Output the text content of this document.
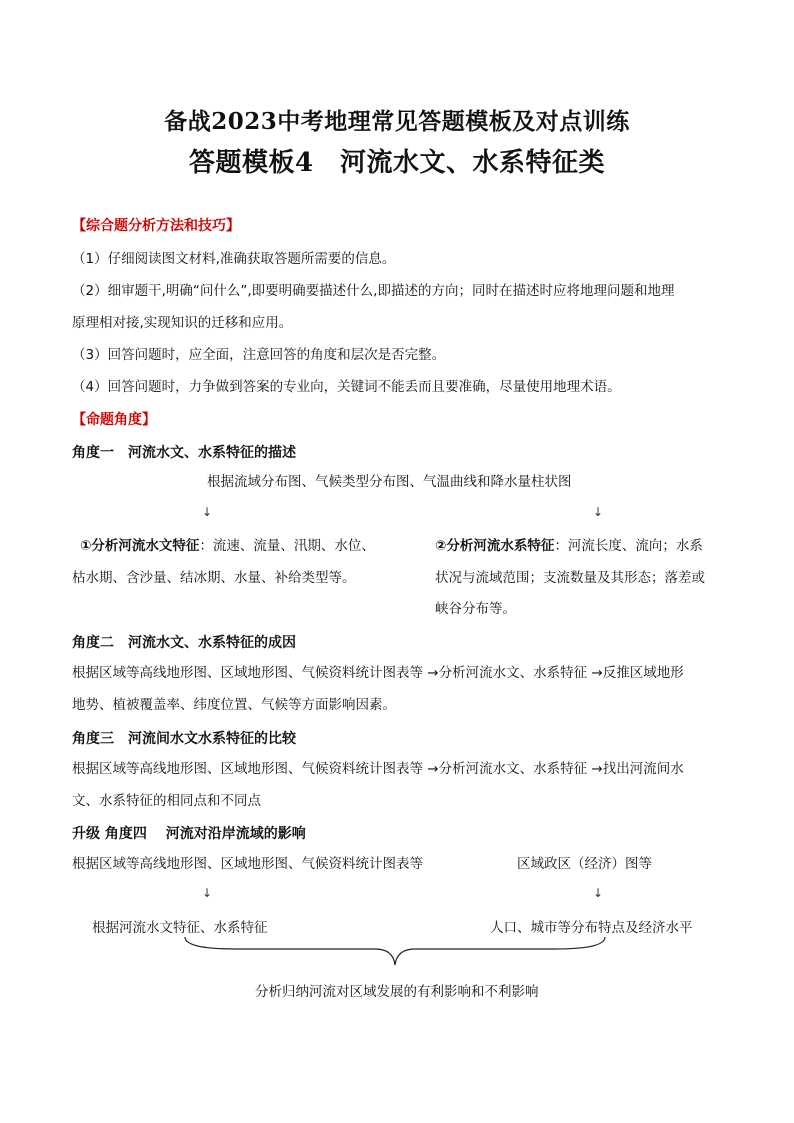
备战2023中考地理常见答题模板及对点训练
答题模板4　河流水文、水系特征类
【综合题分析方法和技巧】
（1）仔细阅读图文材料,准确获取答题所需要的信息。
（2）细审题干,明确“问什么”,即要明确要描述什么,即描述的方向；同时在描述时应将地理问题和地理
原理相对接,实现知识的迁移和应用。
（3）回答问题时，应全面，注意回答的角度和层次是否完整。
（4）回答问题时，力争做到答案的专业向，关键词不能丢而且要准确，尽量使用地理术语。
【命题角度】
角度一　河流水文、水系特征的描述
根据流域分布图、气候类型分布图、气温曲线和降水量柱状图
↓	↓
①分析河流水文特征：流速、流量、汛期、水位、
枯水期、含沙量、结冰期、水量、补给类型等。
②分析河流水系特征：河流长度、流向；水系
状况与流域范围；支流数量及其形态；落差或
峡谷分布等。
角度二　河流水文、水系特征的成因
根据区域等高线地形图、区域地形图、气候资料统计图表等 →分析河流水文、水系特征 →反推区域地形
地势、植被覆盖率、纬度位置、气候等方面影响因素。
角度三　河流间水文水系特征的比较
根据区域等高线地形图、区域地形图、气候资料统计图表等 →分析河流水文、水系特征 →找出河流间水
文、水系特征的相同点和不同点
升级 角度四　 河流对沿岸流域的影响
根据区域等高线地形图、区域地形图、气候资料统计图表等	区域政区（经济）图等
↓	↓
根据河流水文特征、水系特征	人口、城市等分布特点及经济水平
分析归纳河流对区域发展的有利影响和不利影响
